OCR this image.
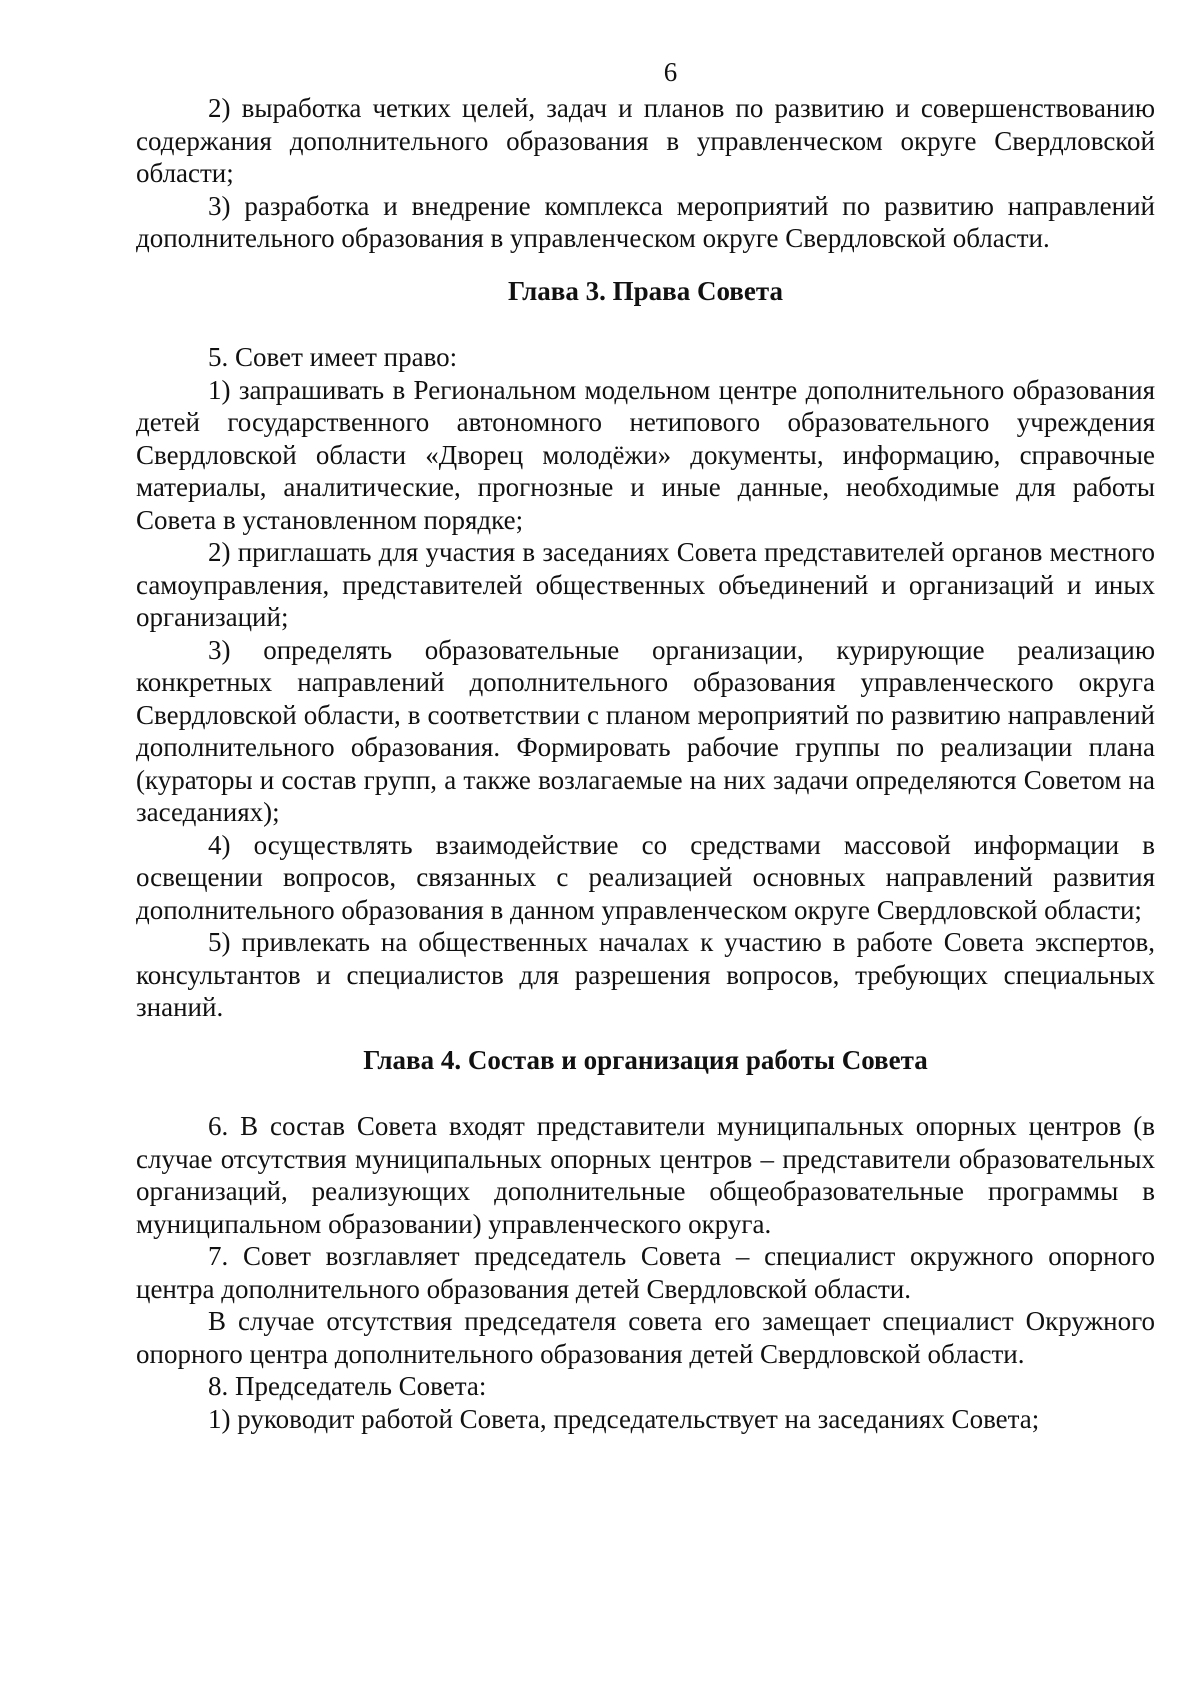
6

2) выработка четких целей, задач и планов по развитию и совершенствованию содержания дополнительного образования в управленческом округе Свердловской области;

3) разработка и внедрение комплекса мероприятий по развитию направлений дополнительного образования в управленческом округе Свердловской области.

Глава 3. Права Совета

5. Совет имеет право:

1) запрашивать в Региональном модельном центре дополнительного образования детей государственного автономного нетипового образовательного учреждения Свердловской области «Дворец молодёжи» документы, информацию, справочные материалы, аналитические, прогнозные и иные данные, необходимые для работы Совета в установленном порядке;

2) приглашать для участия в заседаниях Совета представителей органов местного самоуправления, представителей общественных объединений и организаций и иных организаций;

3) определять образовательные организации, курирующие реализацию конкретных направлений дополнительного образования управленческого округа Свердловской области, в соответствии с планом мероприятий по развитию направлений дополнительного образования. Формировать рабочие группы по реализации плана (кураторы и состав групп, а также возлагаемые на них задачи определяются Советом на заседаниях);

4) осуществлять взаимодействие со средствами массовой информации в освещении вопросов, связанных с реализацией основных направлений развития дополнительного образования в данном управленческом округе Свердловской области;

5) привлекать на общественных началах к участию в работе Совета экспертов, консультантов и специалистов для разрешения вопросов, требующих специальных знаний.

Глава 4. Состав и организация работы Совета

6. В состав Совета входят представители муниципальных опорных центров (в случае отсутствия муниципальных опорных центров – представители образовательных организаций, реализующих дополнительные общеобразовательные программы в муниципальном образовании) управленческого округа.

7. Совет возглавляет председатель Совета – специалист окружного опорного центра дополнительного образования детей Свердловской области.

В случае отсутствия председателя совета его замещает специалист Окружного опорного центра дополнительного образования детей Свердловской области.

8. Председатель Совета:

1) руководит работой Совета, председательствует на заседаниях Совета;
